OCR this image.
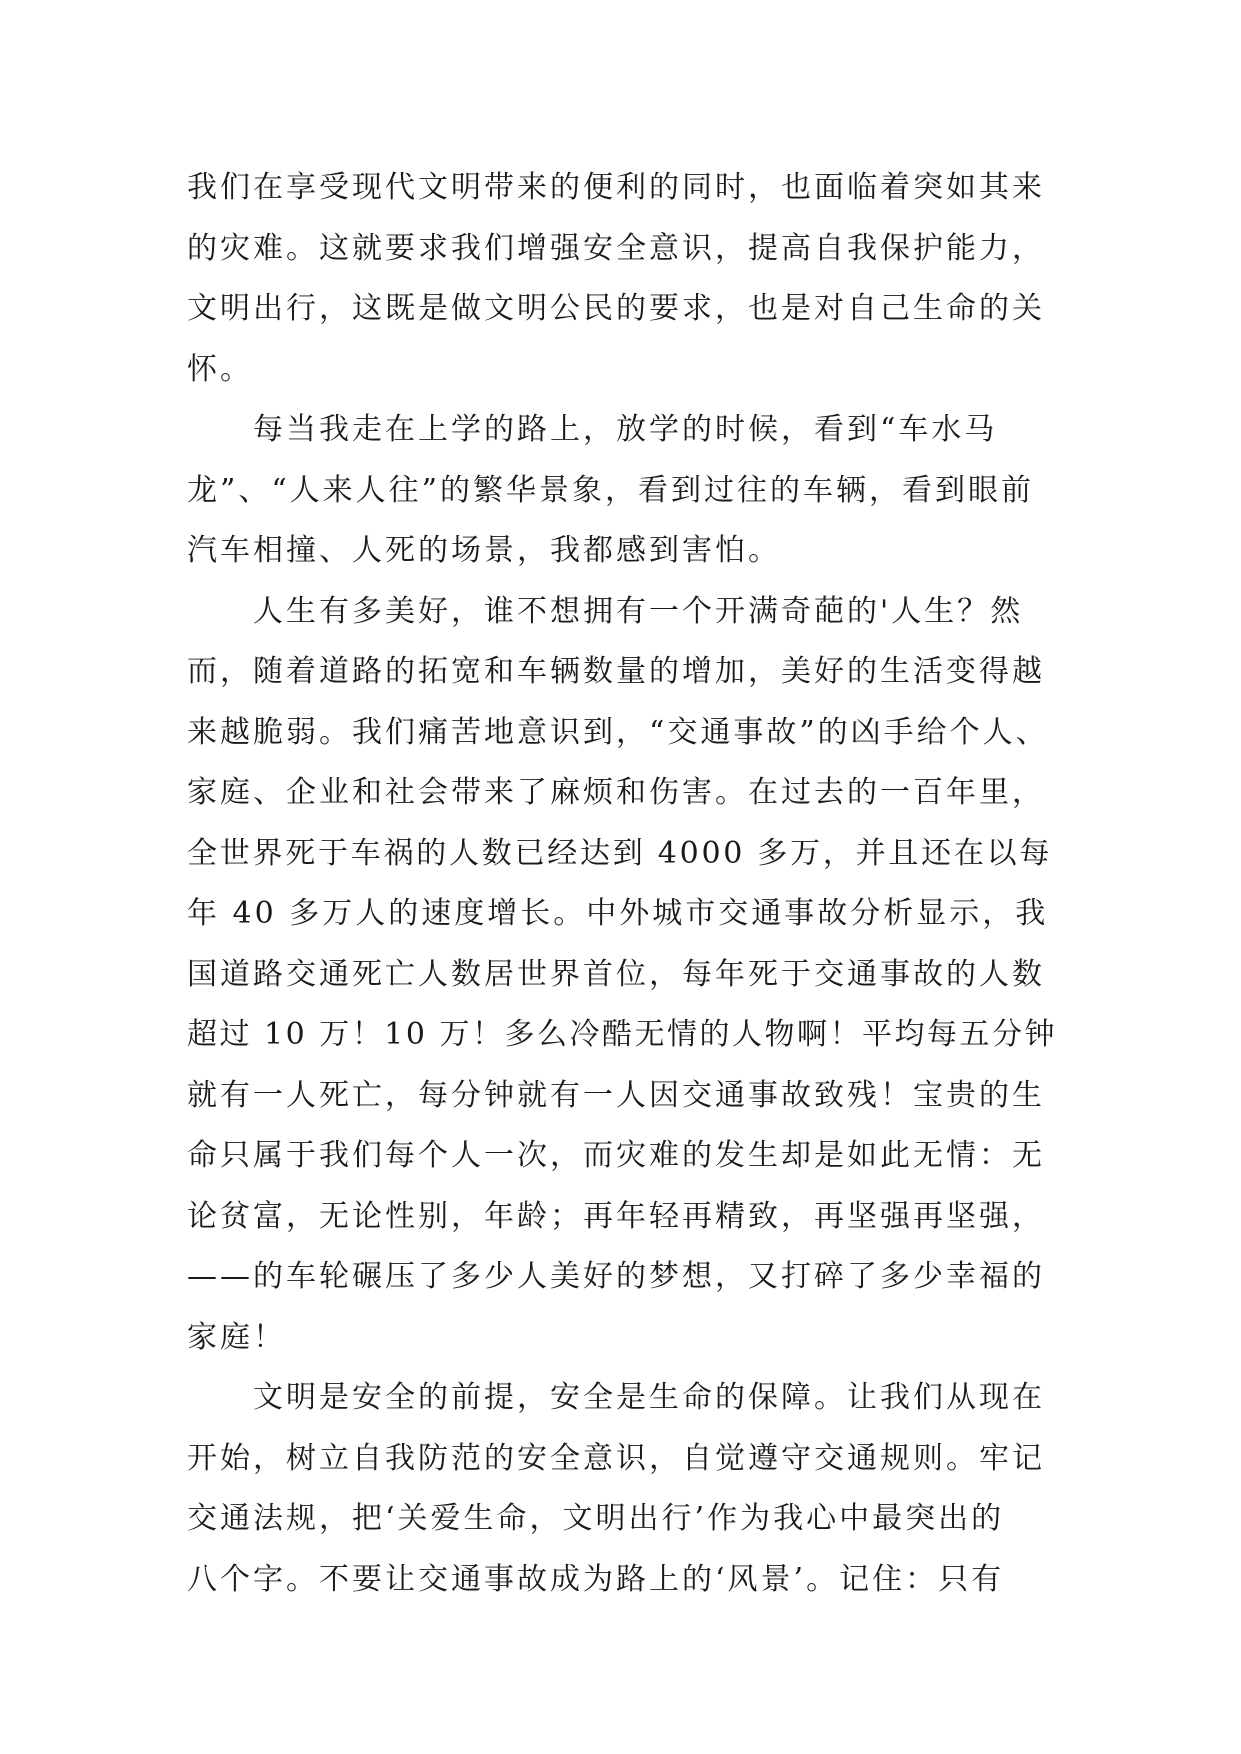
我们在享受现代文明带来的便利的同时，也面临着突如其来
的灾难。这就要求我们增强安全意识，提高自我保护能力，
文明出行，这既是做文明公民的要求，也是对自己生命的关
怀。
每当我走在上学的路上，放学的时候，看到“车水马
龙”、“人来人往”的繁华景象，看到过往的车辆，看到眼前
汽车相撞、人死的场景，我都感到害怕。
人生有多美好，谁不想拥有一个开满奇葩的'人生？然
而，随着道路的拓宽和车辆数量的增加，美好的生活变得越
来越脆弱。我们痛苦地意识到，“交通事故”的凶手给个人、
家庭、企业和社会带来了麻烦和伤害。在过去的一百年里，
全世界死于车祸的人数已经达到 4000 多万，并且还在以每
年 40 多万人的速度增长。中外城市交通事故分析显示，我
国道路交通死亡人数居世界首位，每年死于交通事故的人数
超过 10 万！10 万！多么冷酷无情的人物啊！平均每五分钟
就有一人死亡，每分钟就有一人因交通事故致残！宝贵的生
命只属于我们每个人一次，而灾难的发生却是如此无情：无
论贫富，无论性别，年龄；再年轻再精致，再坚强再坚强，
——的车轮碾压了多少人美好的梦想，又打碎了多少幸福的
家庭！
文明是安全的前提，安全是生命的保障。让我们从现在
开始，树立自我防范的安全意识，自觉遵守交通规则。牢记
交通法规，把‘关爱生命，文明出行’作为我心中最突出的
八个字。不要让交通事故成为路上的‘风景’。记住：只有
